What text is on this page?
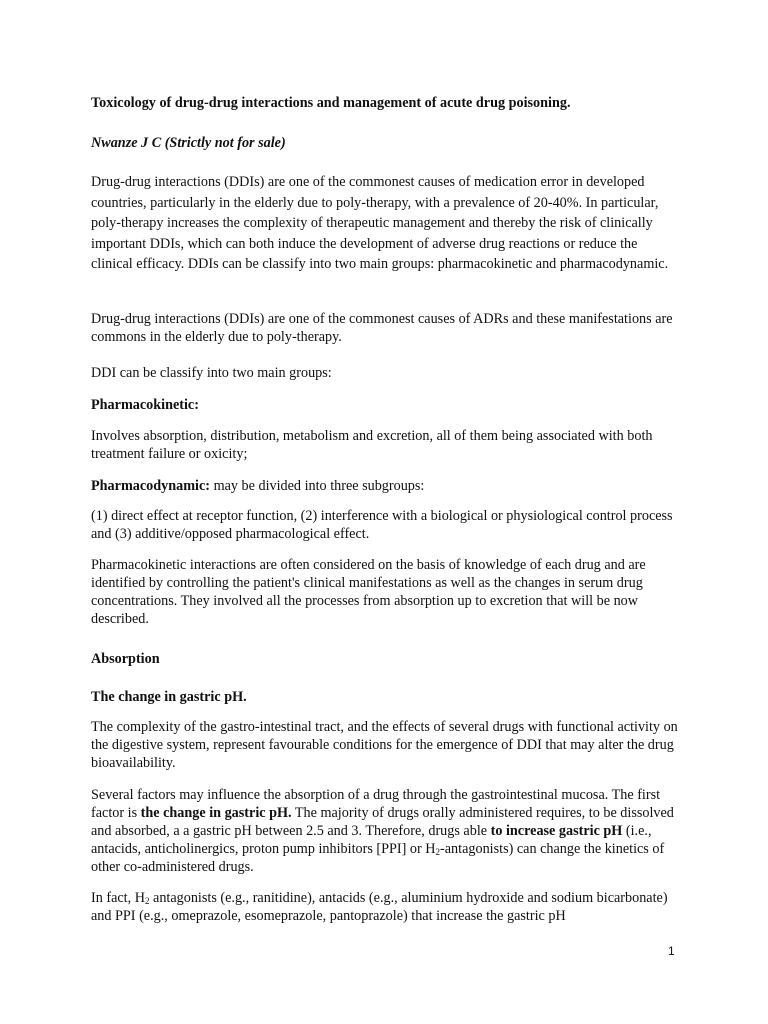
Toxicology of drug-drug interactions and management of acute drug poisoning.

Nwanze J C (Strictly not for sale)

Drug-drug interactions (DDIs) are one of the commonest causes of medication error in developed countries, particularly in the elderly due to poly-therapy, with a prevalence of 20-40%. In particular, poly-therapy increases the complexity of therapeutic management and thereby the risk of clinically important DDIs, which can both induce the development of adverse drug reactions or reduce the clinical efficacy. DDIs can be classify into two main groups: pharmacokinetic and pharmacodynamic.

Drug-drug interactions (DDIs) are one of the commonest causes of ADRs and these manifestations are commons in the elderly due to poly-therapy.

DDI can be classify into two main groups:

Pharmacokinetic:

Involves absorption, distribution, metabolism and excretion, all of them being associated with both treatment failure or oxicity;

Pharmacodynamic: may be divided into three subgroups:

(1) direct effect at receptor function, (2) interference with a biological or physiological control process and (3) additive/opposed pharmacological effect.

Pharmacokinetic interactions are often considered on the basis of knowledge of each drug and are identified by controlling the patient's clinical manifestations as well as the changes in serum drug concentrations. They involved all the processes from absorption up to excretion that will be now described.

Absorption

The change in gastric pH.

The complexity of the gastro-intestinal tract, and the effects of several drugs with functional activity on the digestive system, represent favourable conditions for the emergence of DDI that may alter the drug bioavailability.

Several factors may influence the absorption of a drug through the gastrointestinal mucosa. The first factor is the change in gastric pH. The majority of drugs orally administered requires, to be dissolved and absorbed, a a gastric pH between 2.5 and 3. Therefore, drugs able to increase gastric pH (i.e., antacids, anticholinergics, proton pump inhibitors [PPI] or $H_2-antagonists$) can change the kinetics of other co-administered drugs.

In fact, $H_2$ antagonists (e.g., ranitidine), antacids (e.g., aluminium hydroxide and sodium bicarbonate) and PPI (e.g., omeprazole, esomeprazole, pantoprazole) that increase the gastric pH

1
